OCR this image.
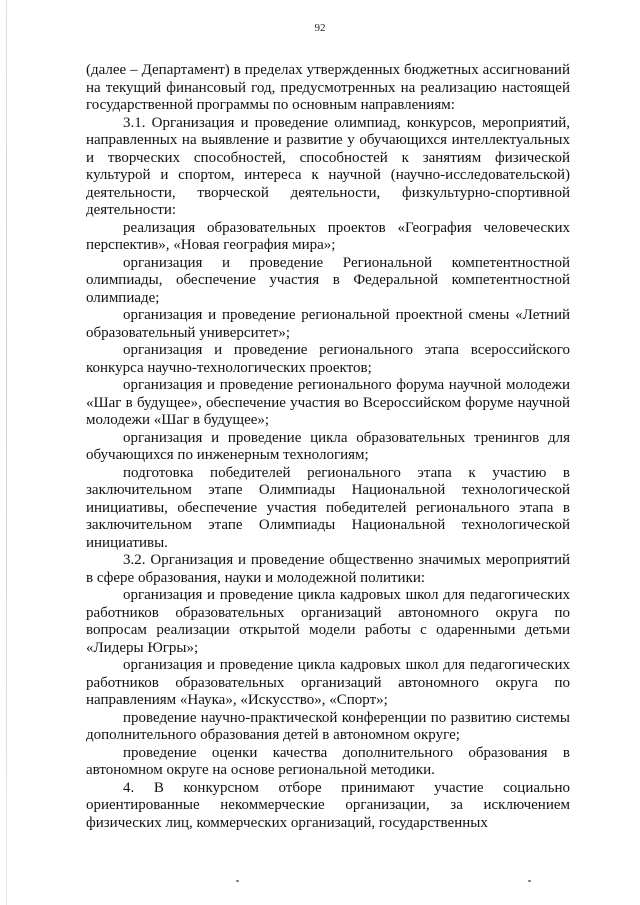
92

(далее – Департамент) в пределах утвержденных бюджетных ассигнований на текущий финансовый год, предусмотренных на реализацию настоящей государственной программы по основным направлениям:

3.1. Организация и проведение олимпиад, конкурсов, мероприятий, направленных на выявление и развитие у обучающихся интеллектуальных и творческих способностей, способностей к занятиям физической культурой и спортом, интереса к научной (научно-исследовательской) деятельности, творческой деятельности, физкультурно-спортивной деятельности:

реализация образовательных проектов «География человеческих перспектив», «Новая география мира»;

организация и проведение Региональной компетентностной олимпиады, обеспечение участия в Федеральной компетентностной олимпиаде;

организация и проведение региональной проектной смены «Летний образовательный университет»;

организация и проведение регионального этапа всероссийского конкурса научно-технологических проектов;

организация и проведение регионального форума научной молодежи «Шаг в будущее», обеспечение участия во Всероссийском форуме научной молодежи «Шаг в будущее»;

организация и проведение цикла образовательных тренингов для обучающихся по инженерным технологиям;

подготовка победителей регионального этапа к участию в заключительном этапе Олимпиады Национальной технологической инициативы, обеспечение участия победителей регионального этапа в заключительном этапе Олимпиады Национальной технологической инициативы.

3.2. Организация и проведение общественно значимых мероприятий в сфере образования, науки и молодежной политики:

организация и проведение цикла кадровых школ для педагогических работников образовательных организаций автономного округа по вопросам реализации открытой модели работы с одаренными детьми «Лидеры Югры»;

организация и проведение цикла кадровых школ для педагогических работников образовательных организаций автономного округа по направлениям «Наука», «Искусство», «Спорт»;

проведение научно-практической конференции по развитию системы дополнительного образования детей в автономном округе;

проведение оценки качества дополнительного образования в автономном округе на основе региональной методики.

4. В конкурсном отборе принимают участие социально ориентированные некоммерческие организации, за исключением физических лиц, коммерческих организаций, государственных
